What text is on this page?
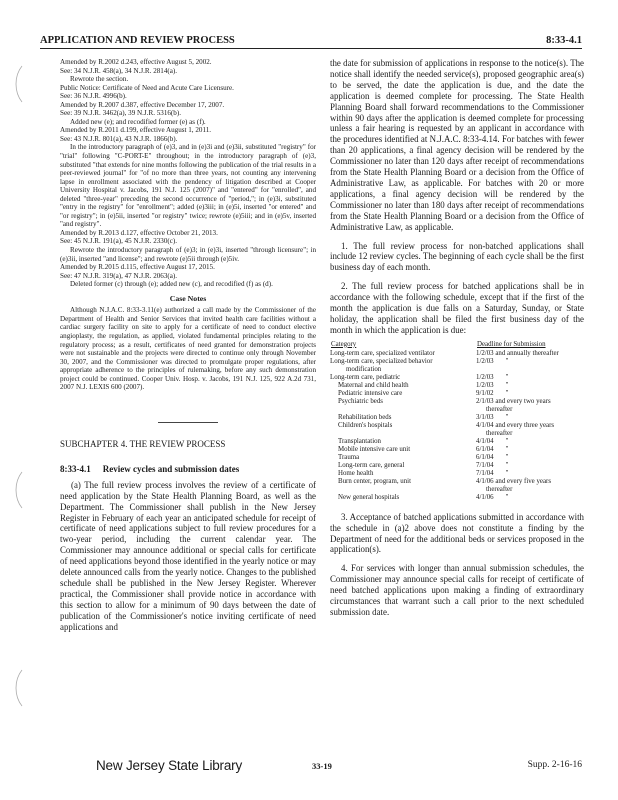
APPLICATION AND REVIEW PROCESS	8:33-4.1

Amended by R.2002 d.243, effective August 5, 2002.

See: 34 N.J.R. 458(a), 34 N.J.R. 2814(a).

Rewrote the section.

Public Notice: Certificate of Need and Acute Care Licensure.

See: 36 N.J.R. 4996(b).

Amended by R.2007 d.387, effective December 17, 2007.

See: 39 N.J.R. 3462(a), 39 N.J.R. 5316(b).

Added new (e); and recodified former (e) as (f).

Amended by R.2011 d.199, effective August 1, 2011.

See: 43 N.J.R. 801(a), 43 N.J.R. 1866(b).

In the introductory paragraph of (e)3, and in (e)3i and (e)3ii, substituted "registry" for "trial" following "C-PORT-E" throughout; in the introductory paragraph of (e)3, substituted "that extends for nine months following the publication of the trial results in a peer-reviewed journal" for "of no more than three years, not counting any intervening lapse in enrollment associated with the pendency of litigation described at Cooper University Hospital v. Jacobs, 191 N.J. 125 (2007)" and "entered" for "enrolled", and deleted "three-year" preceding the second occurrence of "period,"; in (e)3i, substituted "entry in the registry" for "enrollment"; added (e)3iii; in (e)5i, inserted "or entered" and "or registry"; in (e)5ii, inserted "or registry" twice; rewrote (e)5iii; and in (e)5v, inserted "and registry".

Amended by R.2013 d.127, effective October 21, 2013.

See: 45 N.J.R. 191(a), 45 N.J.R. 2330(c).

Rewrote the introductory paragraph of (e)3; in (e)3i, inserted "through licensure"; in (e)3ii, inserted "and license"; and rewrote (e)5ii through (e)5iv.

Amended by R.2015 d.115, effective August 17, 2015.

See: 47 N.J.R. 319(a), 47 N.J.R. 2063(a).

Deleted former (c) through (e); added new (c), and recodified (f) as (d).

Case Notes

Although N.J.A.C. 8:33-3.11(e) authorized a call made by the Commissioner of the Department of Health and Senior Services that invited health care facilities without a cardiac surgery facility on site to apply for a certificate of need to conduct elective angioplasty, the regulation, as applied, violated fundamental principles relating to the regulatory process; as a result, certificates of need granted for demonstration projects were not sustainable and the projects were directed to continue only through November 30, 2007, and the Commissioner was directed to promulgate proper regulations, after appropriate adherence to the principles of rulemaking, before any such demonstration project could be continued. Cooper Univ. Hosp. v. Jacobs, 191 N.J. 125, 922 A.2d 731, 2007 N.J. LEXIS 600 (2007).

SUBCHAPTER 4. THE REVIEW PROCESS
8:33-4.1 Review cycles and submission dates

(a) The full review process involves the review of a certificate of need application by the State Health Planning Board, as well as the Department. The Commissioner shall publish in the New Jersey Register in February of each year an anticipated schedule for receipt of certificate of need applications subject to full review procedures for a two-year period, including the current calendar year. The Commissioner may announce additional or special calls for certificate of need applications beyond those identified in the yearly notice or may delete announced calls from the yearly notice. Changes to the published schedule shall be published in the New Jersey Register. Wherever practical, the Commissioner shall provide notice in accordance with this section to allow for a minimum of 90 days between the date of publication of the Commissioner's notice inviting certificate of need applications and

the date for submission of applications in response to the notice(s). The notice shall identify the needed service(s), proposed geographic area(s) to be served, the date the application is due, and the date the application is deemed complete for processing. The State Health Planning Board shall forward recommendations to the Commissioner within 90 days after the application is deemed complete for processing unless a fair hearing is requested by an applicant in accordance with the procedures identified at N.J.A.C. 8:33-4.14. For batches with fewer than 20 applications, a final agency decision will be rendered by the Commissioner no later than 120 days after receipt of recommendations from the State Health Planning Board or a decision from the Office of Administrative Law, as applicable. For batches with 20 or more applications, a final agency decision will be rendered by the Commissioner no later than 180 days after receipt of recommendations from the State Health Planning Board or a decision from the Office of Administrative Law, as applicable.

1. The full review process for non-batched applications shall include 12 review cycles. The beginning of each cycle shall be the first business day of each month.

2. The full review process for batched applications shall be in accordance with the following schedule, except that if the first of the month the application is due falls on a Saturday, Sunday, or State holiday, the application shall be filed the first business day of the month in which the application is due:

Category	Deadline for Submission

Long-term care, specialized ventilator	1/2/03 and annually thereafter

Long-term care, specialized behavior
modification	1/2/03       "

Long-term care, pediatric	1/2/03       "

Maternal and child health	1/2/03       "

Pediatric intensive care	9/1/02       "

Psychiatric beds	2/1/03 and every two years
thereafter

Rehabilitation beds	3/1/03       "

Children's hospitals	4/1/04 and every three years
thereafter

Transplantation	4/1/04       "

Mobile intensive care unit	6/1/04       "

Trauma	6/1/04       "

Long-term care, general	7/1/04       "

Home health	7/1/04       "

Burn center, program, unit	4/1/06 and every five years
thereafter

New general hospitals	4/1/06       "

3. Acceptance of batched applications submitted in accordance with the schedule in (a)2 above does not constitute a finding by the Department of need for the additional beds or services proposed in the application(s).

4. For services with longer than annual submission schedules, the Commissioner may announce special calls for receipt of certificate of need batched applications upon making a finding of extraordinary circumstances that warrant such a call prior to the next scheduled submission date.

New Jersey State Library	33-19	Supp. 2-16-16
